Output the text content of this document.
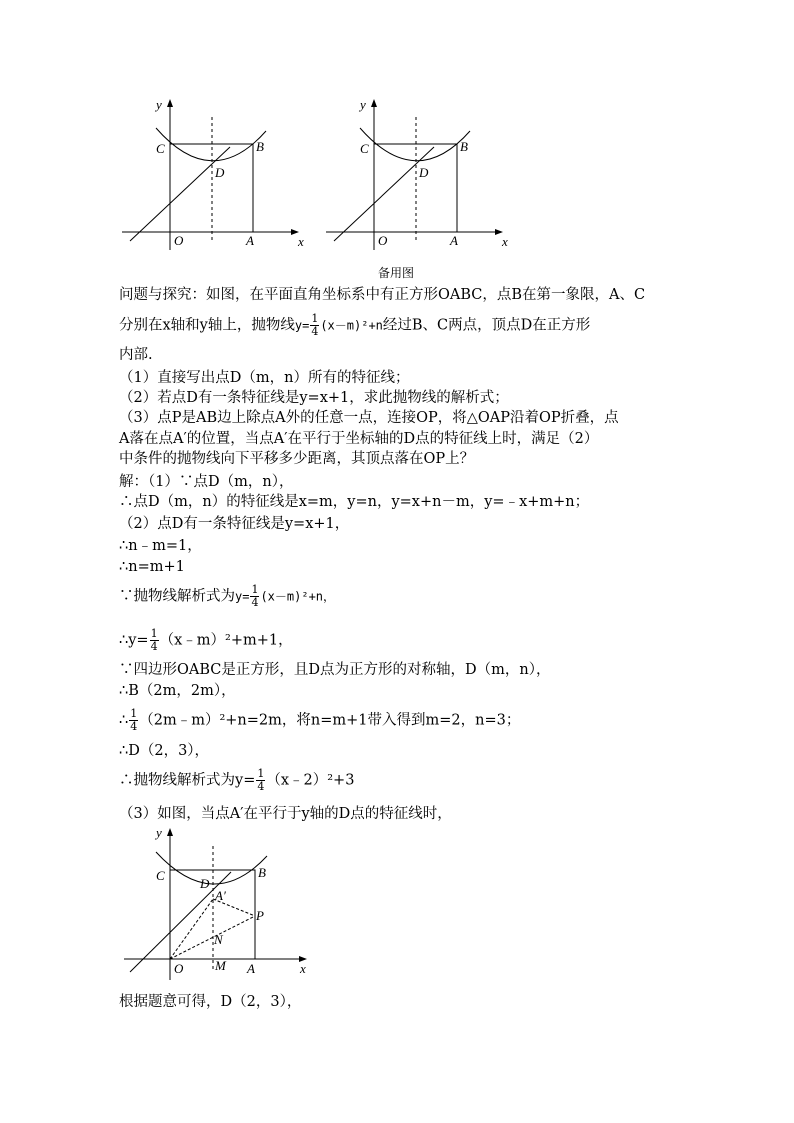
y
x
C	B
D
O	A
y
x
C	B
D
O	A
备用图
问题与探究：如图，在平面直角坐标系中有正方形OABC，点B在第一象限，A、C
分别在x轴和y轴上，抛物线$y= \frac{1}{4} (x-m)^2+n$经过B、C两点，顶点D在正方形
内部.
（1）直接写出点D（m，n）所有的特征线；
（2）若点D有一条特征线是y=x+1，求此抛物线的解析式；
（3）点P是AB边上除点A外的任意一点，连接OP，将△OAP沿着OP折叠，点
A落在点A′的位置，当点A′在平行于坐标轴的D点的特征线上时，满足（2）
中条件的抛物线向下平移多少距离，其顶点落在OP上？
解：（1）∵点D（m，n），
∴点D（m，n）的特征线是x=m，y=n，y=x+n－m，y=﹣x+m+n；
（2）点D有一条特征线是y=x+1，
∴n﹣m=1，
∴n=m+1
∵抛物线解析式为$y= \frac{1}{4} (x-m)^2+n$，
∴y= $\frac{1}{4}$ （x﹣m）²+m+1，
∵四边形OABC是正方形，且D点为正方形的对称轴，D（m，n），
∴B（2m，2m），
∴ $\frac{1}{4}$ （2m﹣m）²+n=2m，将n=m+1带入得到m=2，n=3；
∴D（2，3），
∴抛物线解析式为$y= \frac{1}{4}$ （x﹣2）²+3
（3）如图，当点A′在平行于y轴的D点的特征线时，
y
x
C	B
D
A′
P
N
M
O	A
根据题意可得，D（2，3），
